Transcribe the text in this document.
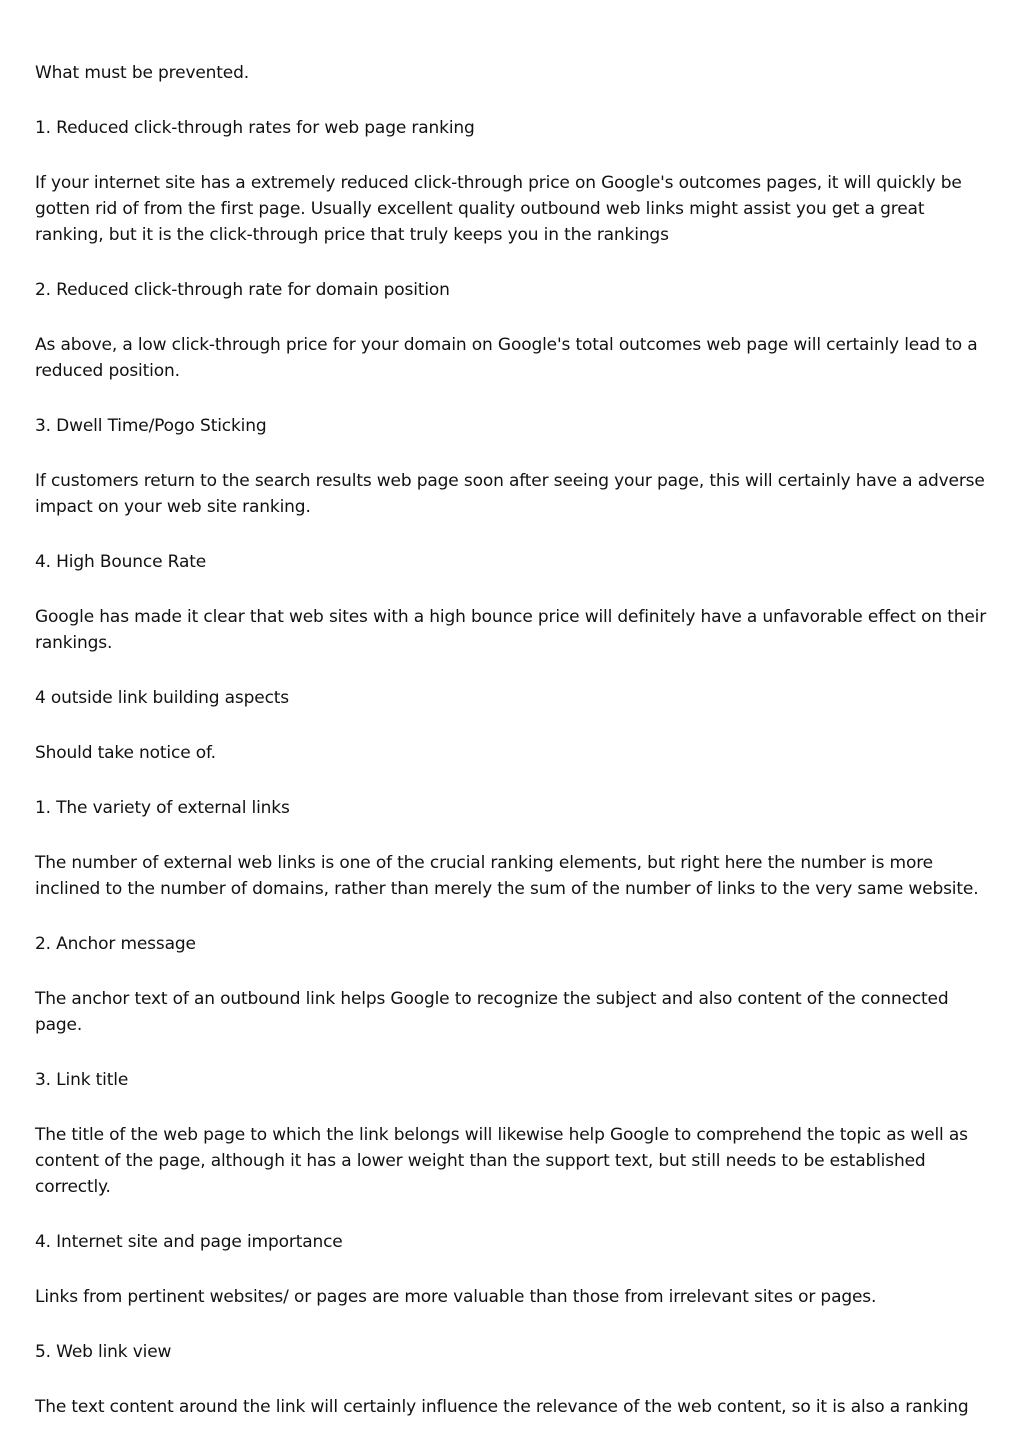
What must be prevented.

1. Reduced click-through rates for web page ranking

If your internet site has a extremely reduced click-through price on Google's outcomes pages, it will quickly be gotten rid of from the first page. Usually excellent quality outbound web links might assist you get a great ranking, but it is the click-through price that truly keeps you in the rankings

2. Reduced click-through rate for domain position

As above, a low click-through price for your domain on Google's total outcomes web page will certainly lead to a reduced position.

3. Dwell Time/Pogo Sticking

If customers return to the search results web page soon after seeing your page, this will certainly have a adverse impact on your web site ranking.

4. High Bounce Rate

Google has made it clear that web sites with a high bounce price will definitely have a unfavorable effect on their rankings.

4 outside link building aspects

Should take notice of.

1. The variety of external links

The number of external web links is one of the crucial ranking elements, but right here the number is more inclined to the number of domains, rather than merely the sum of the number of links to the very same website.

2. Anchor message

The anchor text of an outbound link helps Google to recognize the subject and also content of the connected page.

3. Link title

The title of the web page to which the link belongs will likewise help Google to comprehend the topic as well as content of the page, although it has a lower weight than the support text, but still needs to be established correctly.

4. Internet site and page importance

Links from pertinent websites/ or pages are more valuable than those from irrelevant sites or pages.

5. Web link view

The text content around the link will certainly influence the relevance of the web content, so it is also a ranking
